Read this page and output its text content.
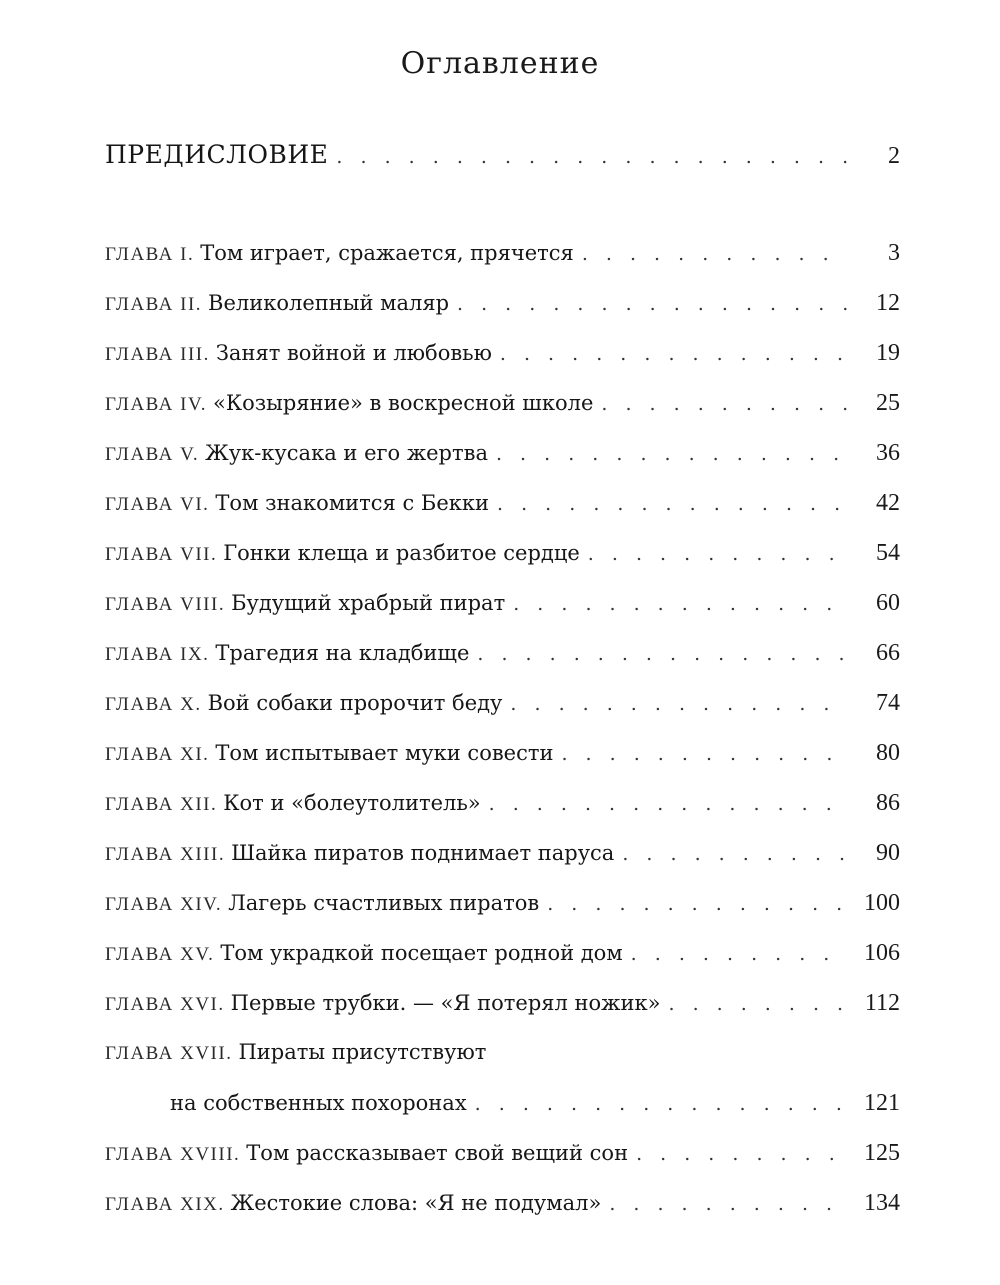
Оглавление
ПРЕДИСЛОВИЕ . . .	2
ГЛАВА I. Том играет, сражается, прячется . . .	3
ГЛАВА II. Великолепный маляр . . .	12
ГЛАВА III. Занят войной и любовью . . .	19
ГЛАВА IV. «Козыряние» в воскресной школе . . .	25
ГЛАВА V. Жук-кусака и его жертва . . .	36
ГЛАВА VI. Том знакомится с Бекки . . .	42
ГЛАВА VII. Гонки клеща и разбитое сердце . . .	54
ГЛАВА VIII. Будущий храбрый пират . . .	60
ГЛАВА IX. Трагедия на кладбище . . .	66
ГЛАВА X. Вой собаки пророчит беду . . .	74
ГЛАВА XI. Том испытывает муки совести . . .	80
ГЛАВА XII. Кот и «болеутолитель» . . .	86
ГЛАВА XIII. Шайка пиратов поднимает паруса . . .	90
ГЛАВА XIV. Лагерь счастливых пиратов . . .	100
ГЛАВА XV. Том украдкой посещает родной дом . . .	106
ГЛАВА XVI. Первые трубки. — «Я потерял ножик» . . .	112
ГЛАВА XVII. Пираты присутствуют
на собственных похоронах . . .	121
ГЛАВА XVIII. Том рассказывает свой вещий сон . . .	125
ГЛАВА XIX. Жестокие слова: «Я не подумал» . . .	134
